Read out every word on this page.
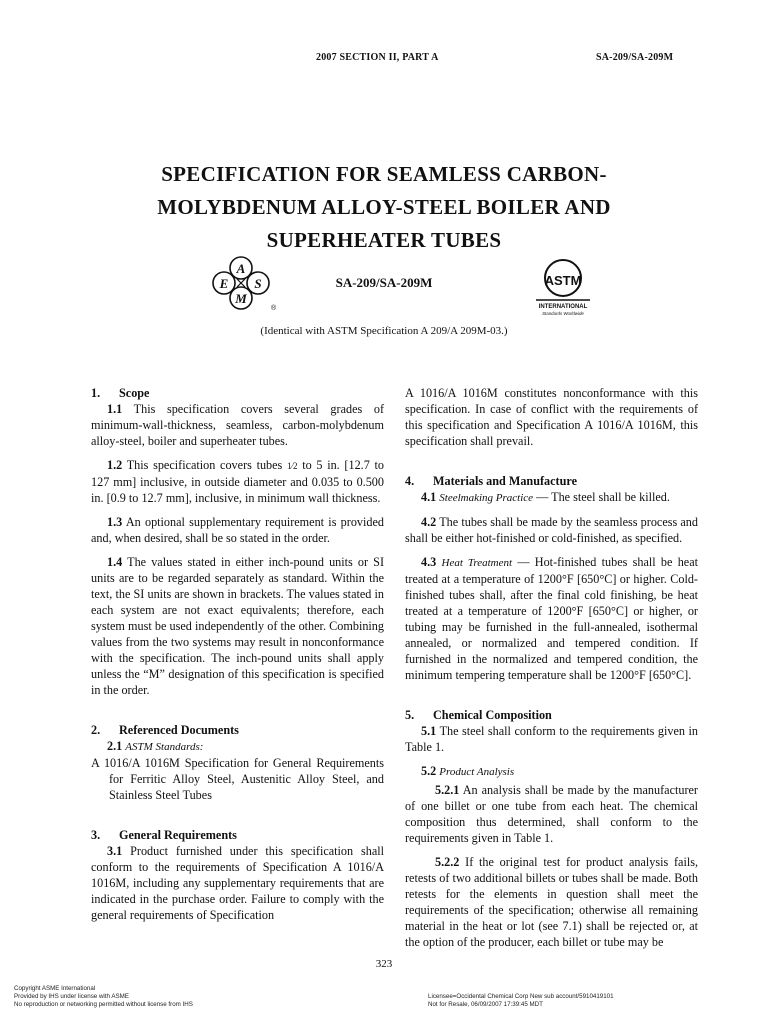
2007 SECTION II, PART A	SA-209/SA-209M
SPECIFICATION FOR SEAMLESS CARBON-
MOLYBDENUM ALLOY-STEEL BOILER AND
SUPERHEATER TUBES
A
E S
M
®
SA-209/SA-209M	ASTM
INTERNATIONAL
Standards Worldwide
(Identical with ASTM Specification A 209/A 209M-03.)
1. Scope

1.1 This specification covers several grades of minimum-wall-thickness, seamless, carbon-molybdenum alloy-steel, boiler and superheater tubes.

1.2 This specification covers tubes 1⁄2 to 5 in. [12.7 to 127 mm] inclusive, in outside diameter and 0.035 to 0.500 in. [0.9 to 12.7 mm], inclusive, in minimum wall thickness.

1.3 An optional supplementary requirement is provided and, when desired, shall be so stated in the order.

1.4 The values stated in either inch-pound units or SI units are to be regarded separately as standard. Within the text, the SI units are shown in brackets. The values stated in each system are not exact equivalents; therefore, each system must be used independently of the other. Combining values from the two systems may result in nonconformance with the specification. The inch-pound units shall apply unless the “M” designation of this specification is specified in the order.

2. Referenced Documents

2.1 ASTM Standards:

A 1016/A 1016M Specification for General Requirements for Ferritic Alloy Steel, Austenitic Alloy Steel, and Stainless Steel Tubes

3. General Requirements

3.1 Product furnished under this specification shall conform to the requirements of Specification A 1016/A 1016M, including any supplementary requirements that are indicated in the purchase order. Failure to comply with the general requirements of Specification

A 1016/A 1016M constitutes nonconformance with this specification. In case of conflict with the requirements of this specification and Specification A 1016/A 1016M, this specification shall prevail.

4. Materials and Manufacture

4.1 Steelmaking Practice — The steel shall be killed.

4.2 The tubes shall be made by the seamless process and shall be either hot-finished or cold-finished, as specified.

4.3 Heat Treatment — Hot-finished tubes shall be heat treated at a temperature of 1200°F [650°C] or higher. Cold-finished tubes shall, after the final cold finishing, be heat treated at a temperature of 1200°F [650°C] or higher, or tubing may be furnished in the full-annealed, isothermal annealed, or normalized and tempered condition. If furnished in the normalized and tempered condition, the minimum tempering temperature shall be 1200°F [650°C].

5. Chemical Composition

5.1 The steel shall conform to the requirements given in Table 1.

5.2 Product Analysis

5.2.1 An analysis shall be made by the manufacturer of one billet or one tube from each heat. The chemical composition thus determined, shall conform to the requirements given in Table 1.

5.2.2 If the original test for product analysis fails, retests of two additional billets or tubes shall be made. Both retests for the elements in question shall meet the requirements of the specification; otherwise all remaining material in the heat or lot (see 7.1) shall be rejected or, at the option of the producer, each billet or tube may be

323
Copyright ASME International
Provided by IHS under license with ASME
No reproduction or networking permitted without license from IHS
Licensee=Occidental Chemical Corp New sub account/5910419101
Not for Resale, 06/09/2007 17:39:45 MDT
